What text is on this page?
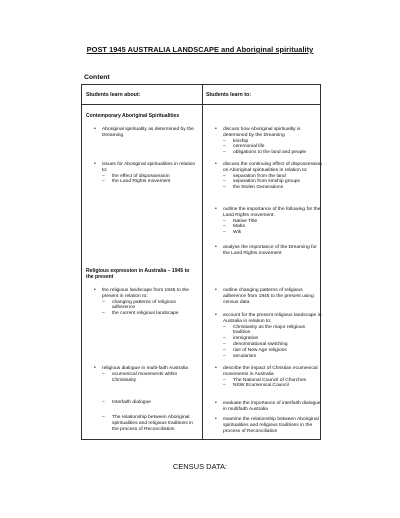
POST 1945 AUSTRALIA LANDSCAPE and Aboriginal spirituality
Content
Students learn about:	Students learn to:
Contemporary Aboriginal Spiritualities
Religious expression in Australia – 1945 to the present
• Aboriginal spirituality as determined by the Dreaming
• issues for Aboriginal spiritualities in relation to:
– the effect of dispossession
– the Land Rights movement
• the religious landscape from 1945 to the present in relation to:
– changing patterns of religious adherence
– the current religious landscape
• religious dialogue in multi-faith Australia
– ecumenical movements within Christianity
– Interfaith dialogue
– The relationship between Aboriginal spiritualities and religious traditions in the process of Reconciliation
• discuss how Aboriginal spirituality is determined by the Dreaming
– kinship
– ceremonial life
– obligations to the land and people
• discuss the continuing effect of dispossession on Aboriginal spiritualities in relation to:
– separation from the land
– separation from kinship groups
– the Stolen Generations
• outline the importance of the following for the Land Rights movement:
– Native Title
– Mabo
– Wik
• analyse the importance of the Dreaming for the Land Rights movement
• outline changing patterns of religious adherence from 1945 to the present using census data
• account for the present religious landscape in Australia in relation to:
– Christianity as the major religious tradition
– immigration
– denominational switching
– rise of New Age religions
– secularism
• describe the impact of Christian ecumenical movements in Australia
– The National Council of Churches
– NSW Ecumenical Council
• evaluate the importance of interfaith dialogue in multifaith Australia
• examine the relationship between Aboriginal spiritualities and religious traditions in the process of Reconciliation
CENSUS DATA:
